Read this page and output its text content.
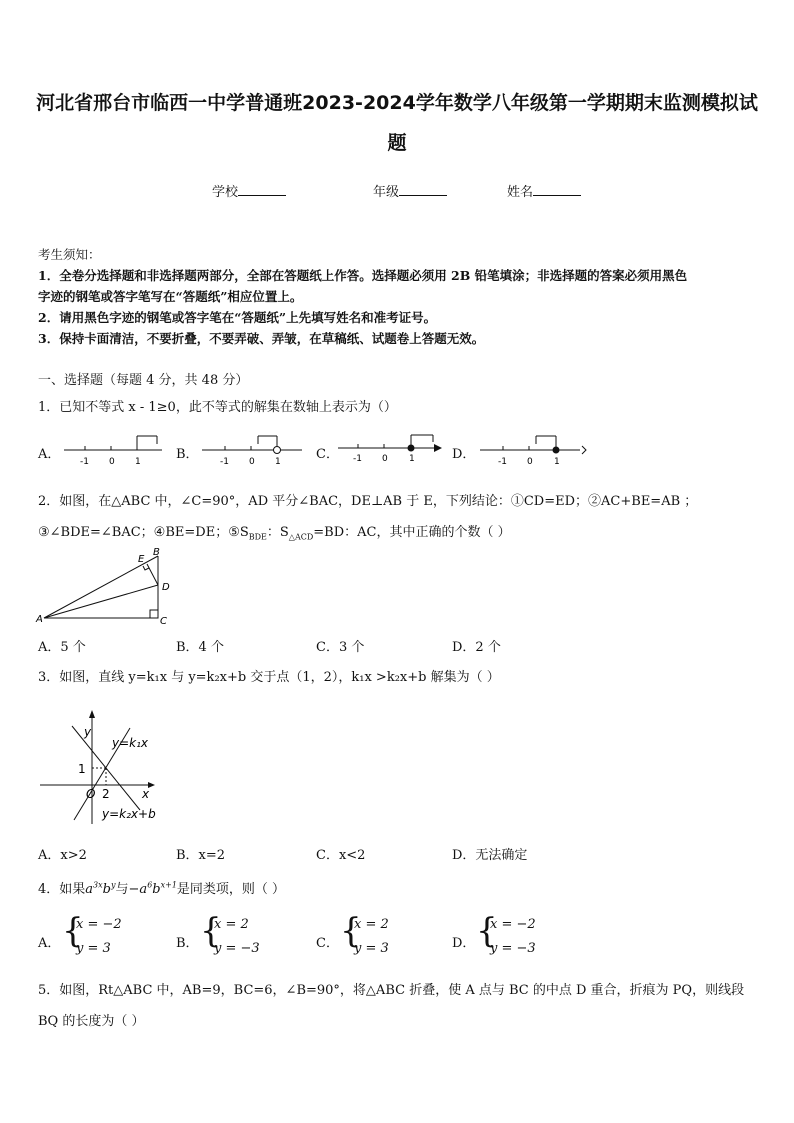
河北省邢台市临西一中学普通班2023-2024学年数学八年级第一学期期末监测模拟试
题
学校	年级	姓名
考生须知：
1．全卷分选择题和非选择题两部分，全部在答题纸上作答。选择题必须用 2B 铅笔填涂；非选择题的答案必须用黑色
字迹的钢笔或答字笔写在“答题纸”相应位置上。
2．请用黑色字迹的钢笔或答字笔在“答题纸”上先填写姓名和准考证号。
3．保持卡面清洁，不要折叠，不要弄破、弄皱，在草稿纸、试题卷上答题无效。
一、选择题（每题 4 分，共 48 分）
1．已知不等式 x - 1≥0，此不等式的解集在数轴上表示为（）
A． -1 0 1	B． -1 0 1	C． -1 0 1	D．	-1 0 1
2．如图，在△ABC 中，∠C=90°，AD 平分∠BAC，DE⊥AB 于 E，下列结论：①CD=ED；②AC+BE=AB ；
③∠BDE=∠BAC；④BE=DE；$⑤S_{BDE}$：$S_{\triangle ACD}=BD$：AC，其中正确的个数（ ）
A
B
C
D
E
A．5 个	B．4 个	C．3 个	D．2 个
3．如图，直线 y=k₁x 与 y=k₂x+b 交于点（1，2），k₁x >k₂x+b 解集为（ ）
y
x
O
1
2
y=k₁x
y=k₂x+b
A．x>2	B．x=2	C．x<2	D．无法确定
4．如果$a^{3x}b^y$与$-a^6b^{x+1}$是同类项，则（ ）
A． {
x = −2
y = 3	B． {
x = 2
y = −3	C． {
x = 2
y = 3	D． {
x = −2
y = −3
5．如图，Rt△ABC 中，AB=9，BC=6，∠B=90°，将△ABC 折叠，使 A 点与 BC 的中点 D 重合，折痕为 PQ，则线段
BQ 的长度为（ ）
